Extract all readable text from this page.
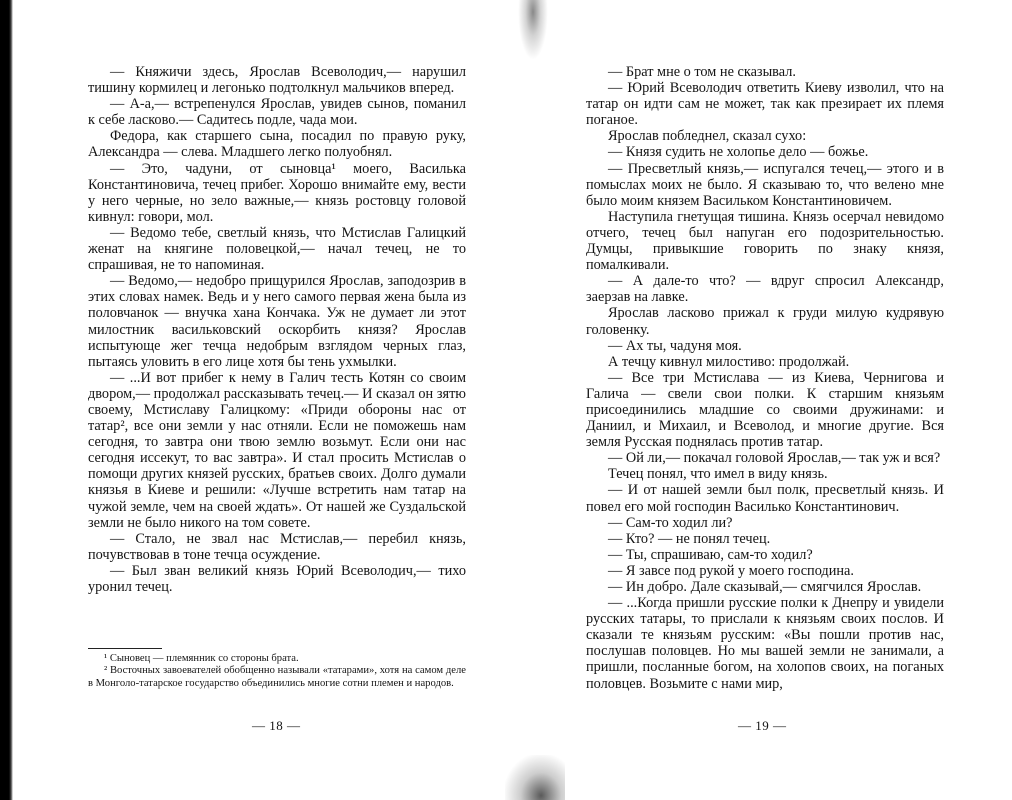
— Княжичи здесь, Ярослав Всеволодич,— нарушил тишину кормилец и легонько подтолкнул мальчиков вперед.

— А-а,— встрепенулся Ярослав, увидев сынов, поманил к себе ласково.— Садитесь подле, чада мои.

Федора, как старшего сына, посадил по правую руку, Александра — слева. Младшего легко полуобнял.

— Это, чадуни, от сыновца¹ моего, Василька Константиновича, течец прибег. Хорошо внимайте ему, вести у него черные, но зело важные,— князь ростовцу головой кивнул: говори, мол.

— Ведомо тебе, светлый князь, что Мстислав Галицкий женат на княгине половецкой,— начал течец, не то спрашивая, не то напоминая.

— Ведомо,— недобро прищурился Ярослав, заподозрив в этих словах намек. Ведь и у него самого первая жена была из половчанок — внучка хана Кончака. Уж не думает ли этот милостник васильковский оскорбить князя? Ярослав испытующе жег течца недобрым взглядом черных глаз, пытаясь уловить в его лице хотя бы тень ухмылки.

— ...И вот прибег к нему в Галич тесть Котян со своим двором,— продолжал рассказывать течец.— И сказал он зятю своему, Мстиславу Галицкому: «Приди обороны нас от татар², все они земли у нас отняли. Если не поможешь нам сегодня, то завтра они твою землю возьмут. Если они нас сегодня иссекут, то вас завтра». И стал просить Мстислав о помощи других князей русских, братьев своих. Долго думали князья в Киеве и решили: «Лучше встретить нам татар на чужой земле, чем на своей ждать». От нашей же Суздальской земли не было никого на том совете.

— Стало, не звал нас Мстислав,— перебил князь, почувствовав в тоне течца осуждение.

— Был зван великий князь Юрий Всеволодич,— тихо уронил течец.

¹ Сыновец — племянник со стороны брата.

² Восточных завоевателей обобщенно называли «татарами», хотя на самом деле в Монголо-татарское государство объединились многие сотни племен и народов.

— 18 —

— Брат мне о том не сказывал.

— Юрий Всеволодич ответить Киеву изволил, что на татар он идти сам не может, так как презирает их племя поганое.

Ярослав побледнел, сказал сухо:

— Князя судить не холопье дело — божье.

— Пресветлый князь,— испугался течец,— этого и в помыслах моих не было. Я сказываю то, что велено мне было моим князем Васильком Константиновичем.

Наступила гнетущая тишина. Князь осерчал невидомо отчего, течец был напуган его подозрительностью. Думцы, привыкшие говорить по знаку князя, помалкивали.

— А дале-то что? — вдруг спросил Александр, заерзав на лавке.

Ярослав ласково прижал к груди милую кудрявую головенку.

— Ах ты, чадуня моя.

А течцу кивнул милостиво: продолжай.

— Все три Мстислава — из Киева, Чернигова и Галича — свели свои полки. К старшим князьям присоединились младшие со своими дружинами: и Даниил, и Михаил, и Всеволод, и многие другие. Вся земля Русская поднялась против татар.

— Ой ли,— покачал головой Ярослав,— так уж и вся?

Течец понял, что имел в виду князь.

— И от нашей земли был полк, пресветлый князь. И повел его мой господин Василько Константинович.

— Сам-то ходил ли?

— Кто? — не понял течец.

— Ты, спрашиваю, сам-то ходил?

— Я завсе под рукой у моего господина.

— Ин добро. Дале сказывай,— смягчился Ярослав.

— ...Когда пришли русские полки к Днепру и увидели русских татары, то прислали к князьям своих послов. И сказали те князьям русским: «Вы пошли против нас, послушав половцев. Но мы вашей земли не занимали, а пришли, посланные богом, на холопов своих, на поганых половцев. Возьмите с нами мир,

— 19 —
